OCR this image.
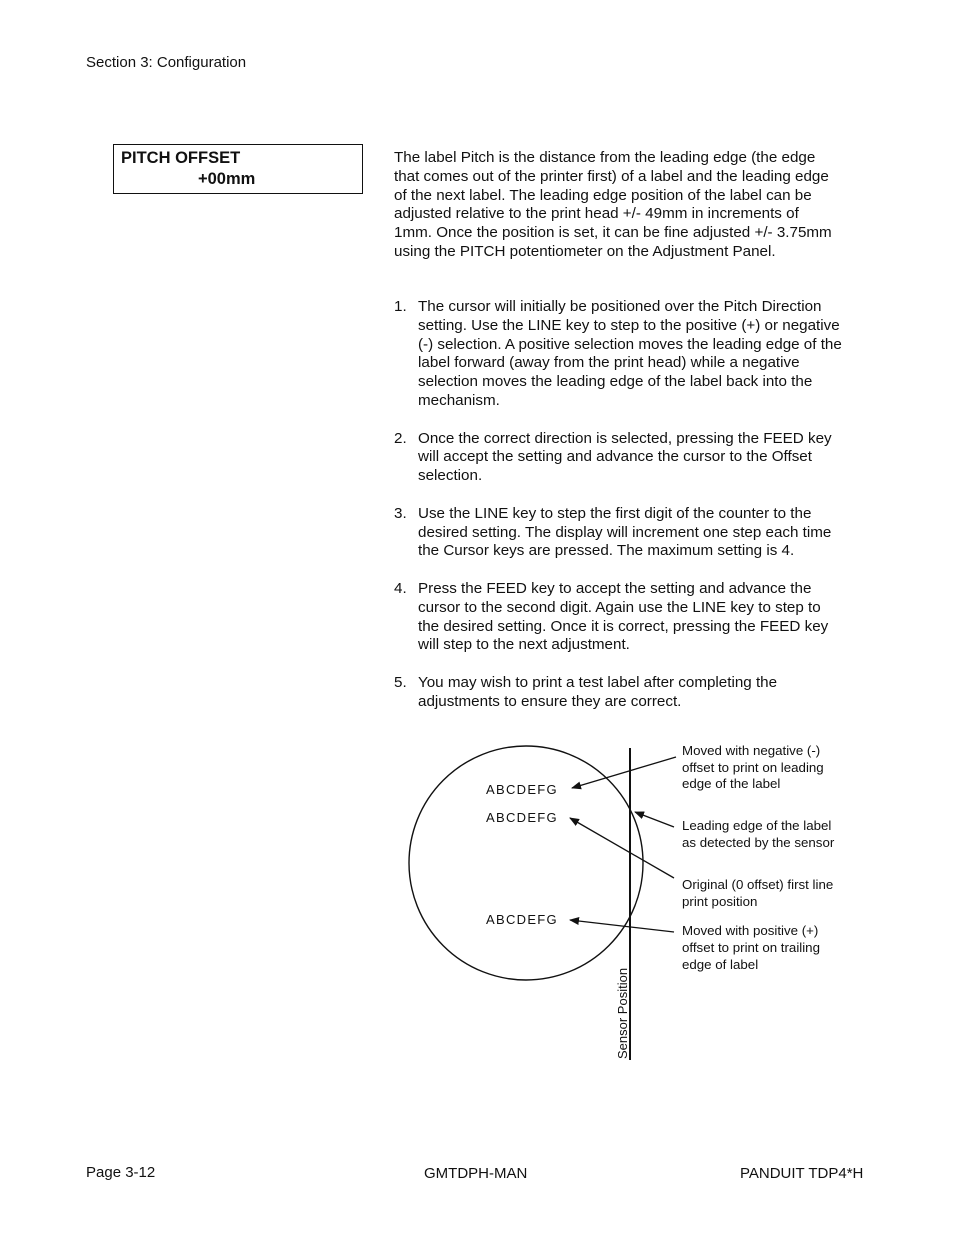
Section 3: Configuration
PITCH OFFSET
+00mm
The label Pitch is the distance from the leading edge (the edge that comes out of the printer first) of a label and the leading edge of the next label. The leading edge position of the label can be adjusted relative to the print head +/- 49mm in increments of 1mm. Once the position is set, it can be fine adjusted +/- 3.75mm using the PITCH potentiometer on the Adjustment Panel.
1. The cursor will initially be positioned over the Pitch Direction setting. Use the LINE key to step to the positive (+) or negative (-) selection. A positive selection moves the leading edge of the label forward (away from the print head) while a negative selection moves the leading edge of the label back into the mechanism.
2. Once the correct direction is selected, pressing the FEED key will accept the setting and advance the cursor to the Offset selection.
3. Use the LINE key to step the first digit of the counter to the desired setting. The display will increment one step each time the Cursor keys are pressed. The maximum setting is 4.
4. Press the FEED key to accept the setting and advance the cursor to the second digit. Again use the LINE key to step to the desired setting. Once it is correct, pressing the FEED key will step to the next adjustment.
5. You may wish to print a test label after completing the adjustments to ensure they are correct.
Sensor Position
ABCDEFG
ABCDEFG
ABCDEFG
Moved with negative (-)
offset to print on leading
edge of the label
Leading edge of the label
as detected by the sensor
Original (0 offset) first line
print position
Moved with positive (+)
offset to print on trailing
edge of label
Page 3-12	GMTDPH-MAN	PANDUIT TDP4*H
